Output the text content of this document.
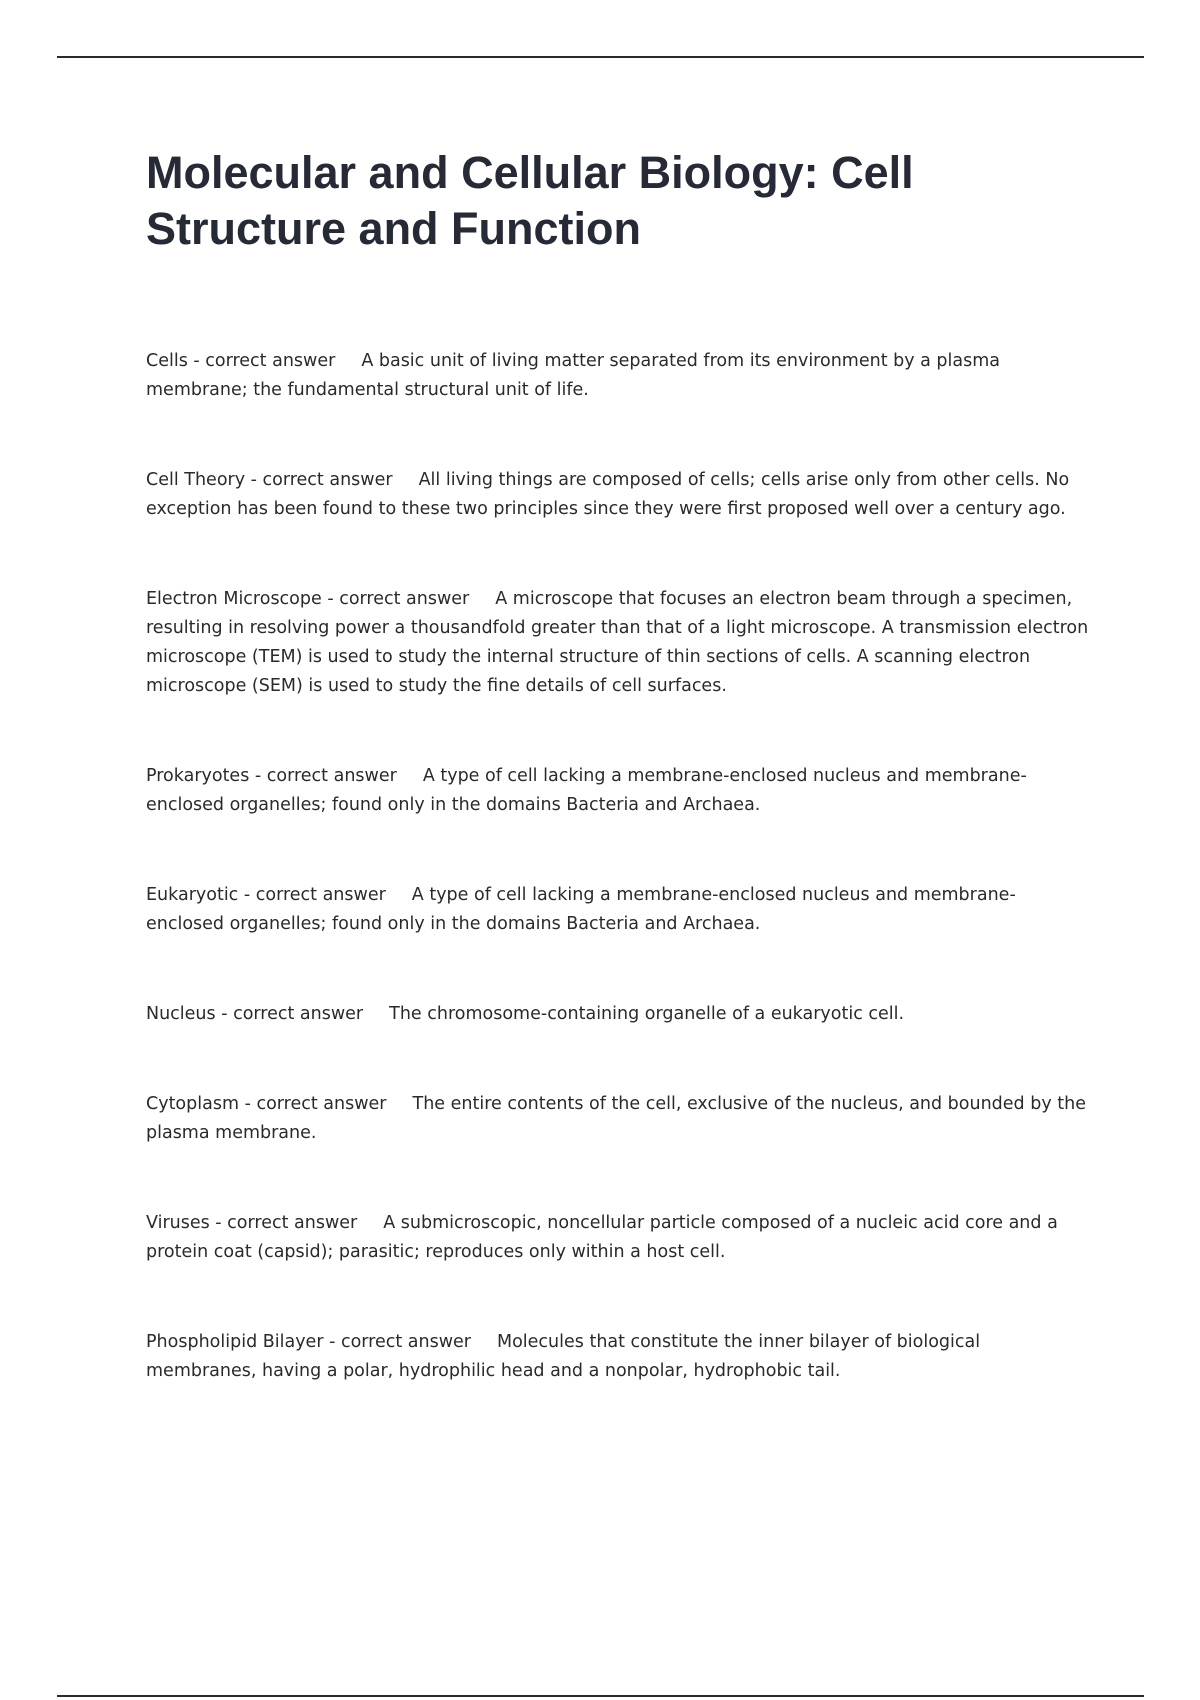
Molecular and Cellular Biology: Cell Structure and Function

Cells - correct answer A basic unit of living matter separated from its environment by a plasma membrane; the fundamental structural unit of life.

Cell Theory - correct answer All living things are composed of cells; cells arise only from other cells. No exception has been found to these two principles since they were first proposed well over a century ago.

Electron Microscope - correct answer A microscope that focuses an electron beam through a specimen, resulting in resolving power a thousandfold greater than that of a light microscope. A transmission electron microscope (TEM) is used to study the internal structure of thin sections of cells. A scanning electron microscope (SEM) is used to study the fine details of cell surfaces.

Prokaryotes - correct answer A type of cell lacking a membrane-enclosed nucleus and membrane-enclosed organelles; found only in the domains Bacteria and Archaea.

Eukaryotic - correct answer A type of cell lacking a membrane-enclosed nucleus and membrane-enclosed organelles; found only in the domains Bacteria and Archaea.

Nucleus - correct answer The chromosome-containing organelle of a eukaryotic cell.

Cytoplasm - correct answer The entire contents of the cell, exclusive of the nucleus, and bounded by the plasma membrane.

Viruses - correct answer A submicroscopic, noncellular particle composed of a nucleic acid core and a protein coat (capsid); parasitic; reproduces only within a host cell.

Phospholipid Bilayer - correct answer Molecules that constitute the inner bilayer of biological membranes, having a polar, hydrophilic head and a nonpolar, hydrophobic tail.
